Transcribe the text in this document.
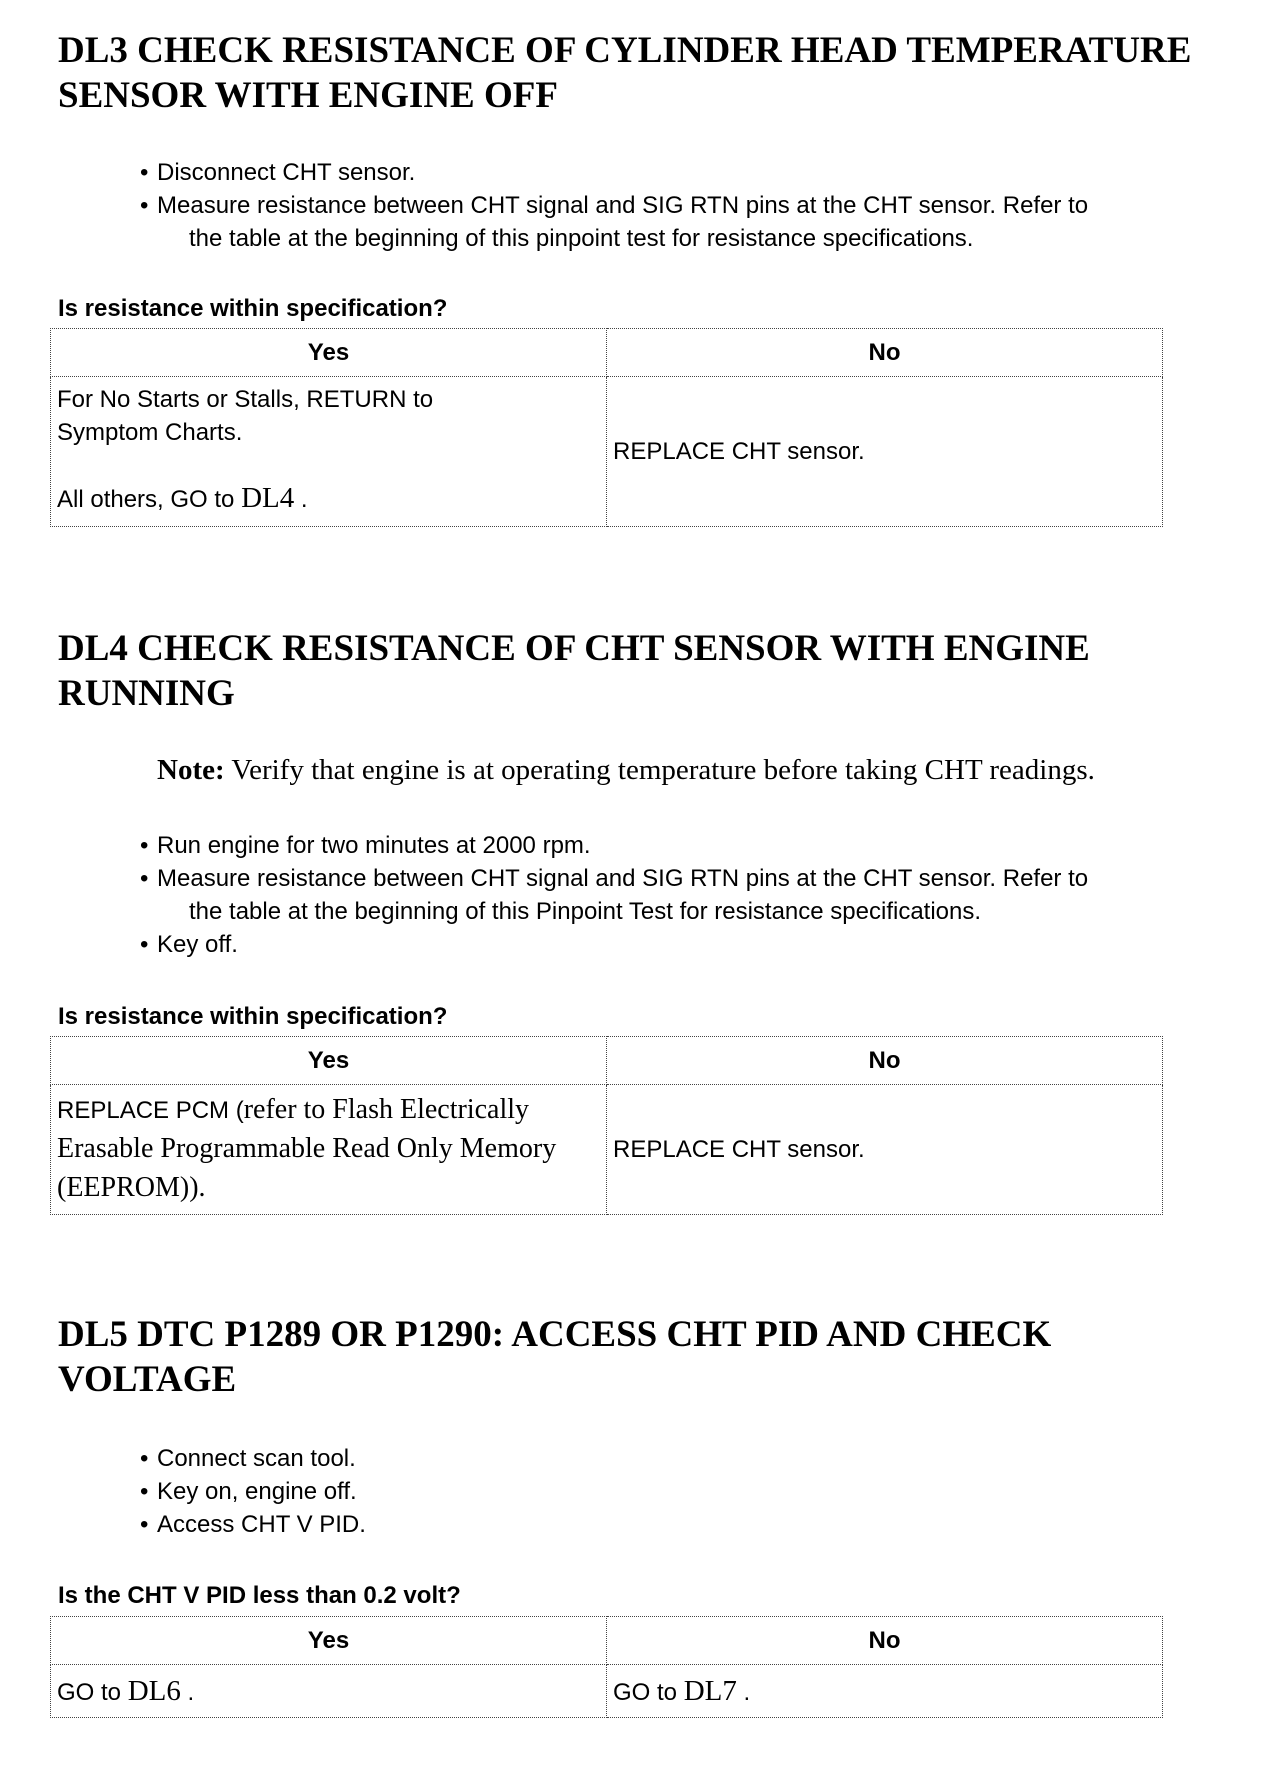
DL3 CHECK RESISTANCE OF CYLINDER HEAD TEMPERATURE SENSOR WITH ENGINE OFF
• Disconnect CHT sensor.
• Measure resistance between CHT signal and SIG RTN pins at the CHT sensor. Refer to
the table at the beginning of this pinpoint test for resistance specifications.
Is resistance within specification?
Yes	No

For No Starts or Stalls, RETURN to Symptom Charts.
All others, GO to DL4 .	REPLACE CHT sensor.
DL4 CHECK RESISTANCE OF CHT SENSOR WITH ENGINE RUNNING
Note: Verify that engine is at operating temperature before taking CHT readings.
• Run engine for two minutes at 2000 rpm.
• Measure resistance between CHT signal and SIG RTN pins at the CHT sensor. Refer to
the table at the beginning of this Pinpoint Test for resistance specifications.
• Key off.
Is resistance within specification?
Yes	No

REPLACE PCM (refer to Flash Electrically Erasable Programmable Read Only Memory (EEPROM)).	REPLACE CHT sensor.
DL5 DTC P1289 OR P1290: ACCESS CHT PID AND CHECK VOLTAGE
• Connect scan tool.
• Key on, engine off.
• Access CHT V PID.
Is the CHT V PID less than 0.2 volt?
Yes	No
GO to DL6 .	GO to DL7 .
